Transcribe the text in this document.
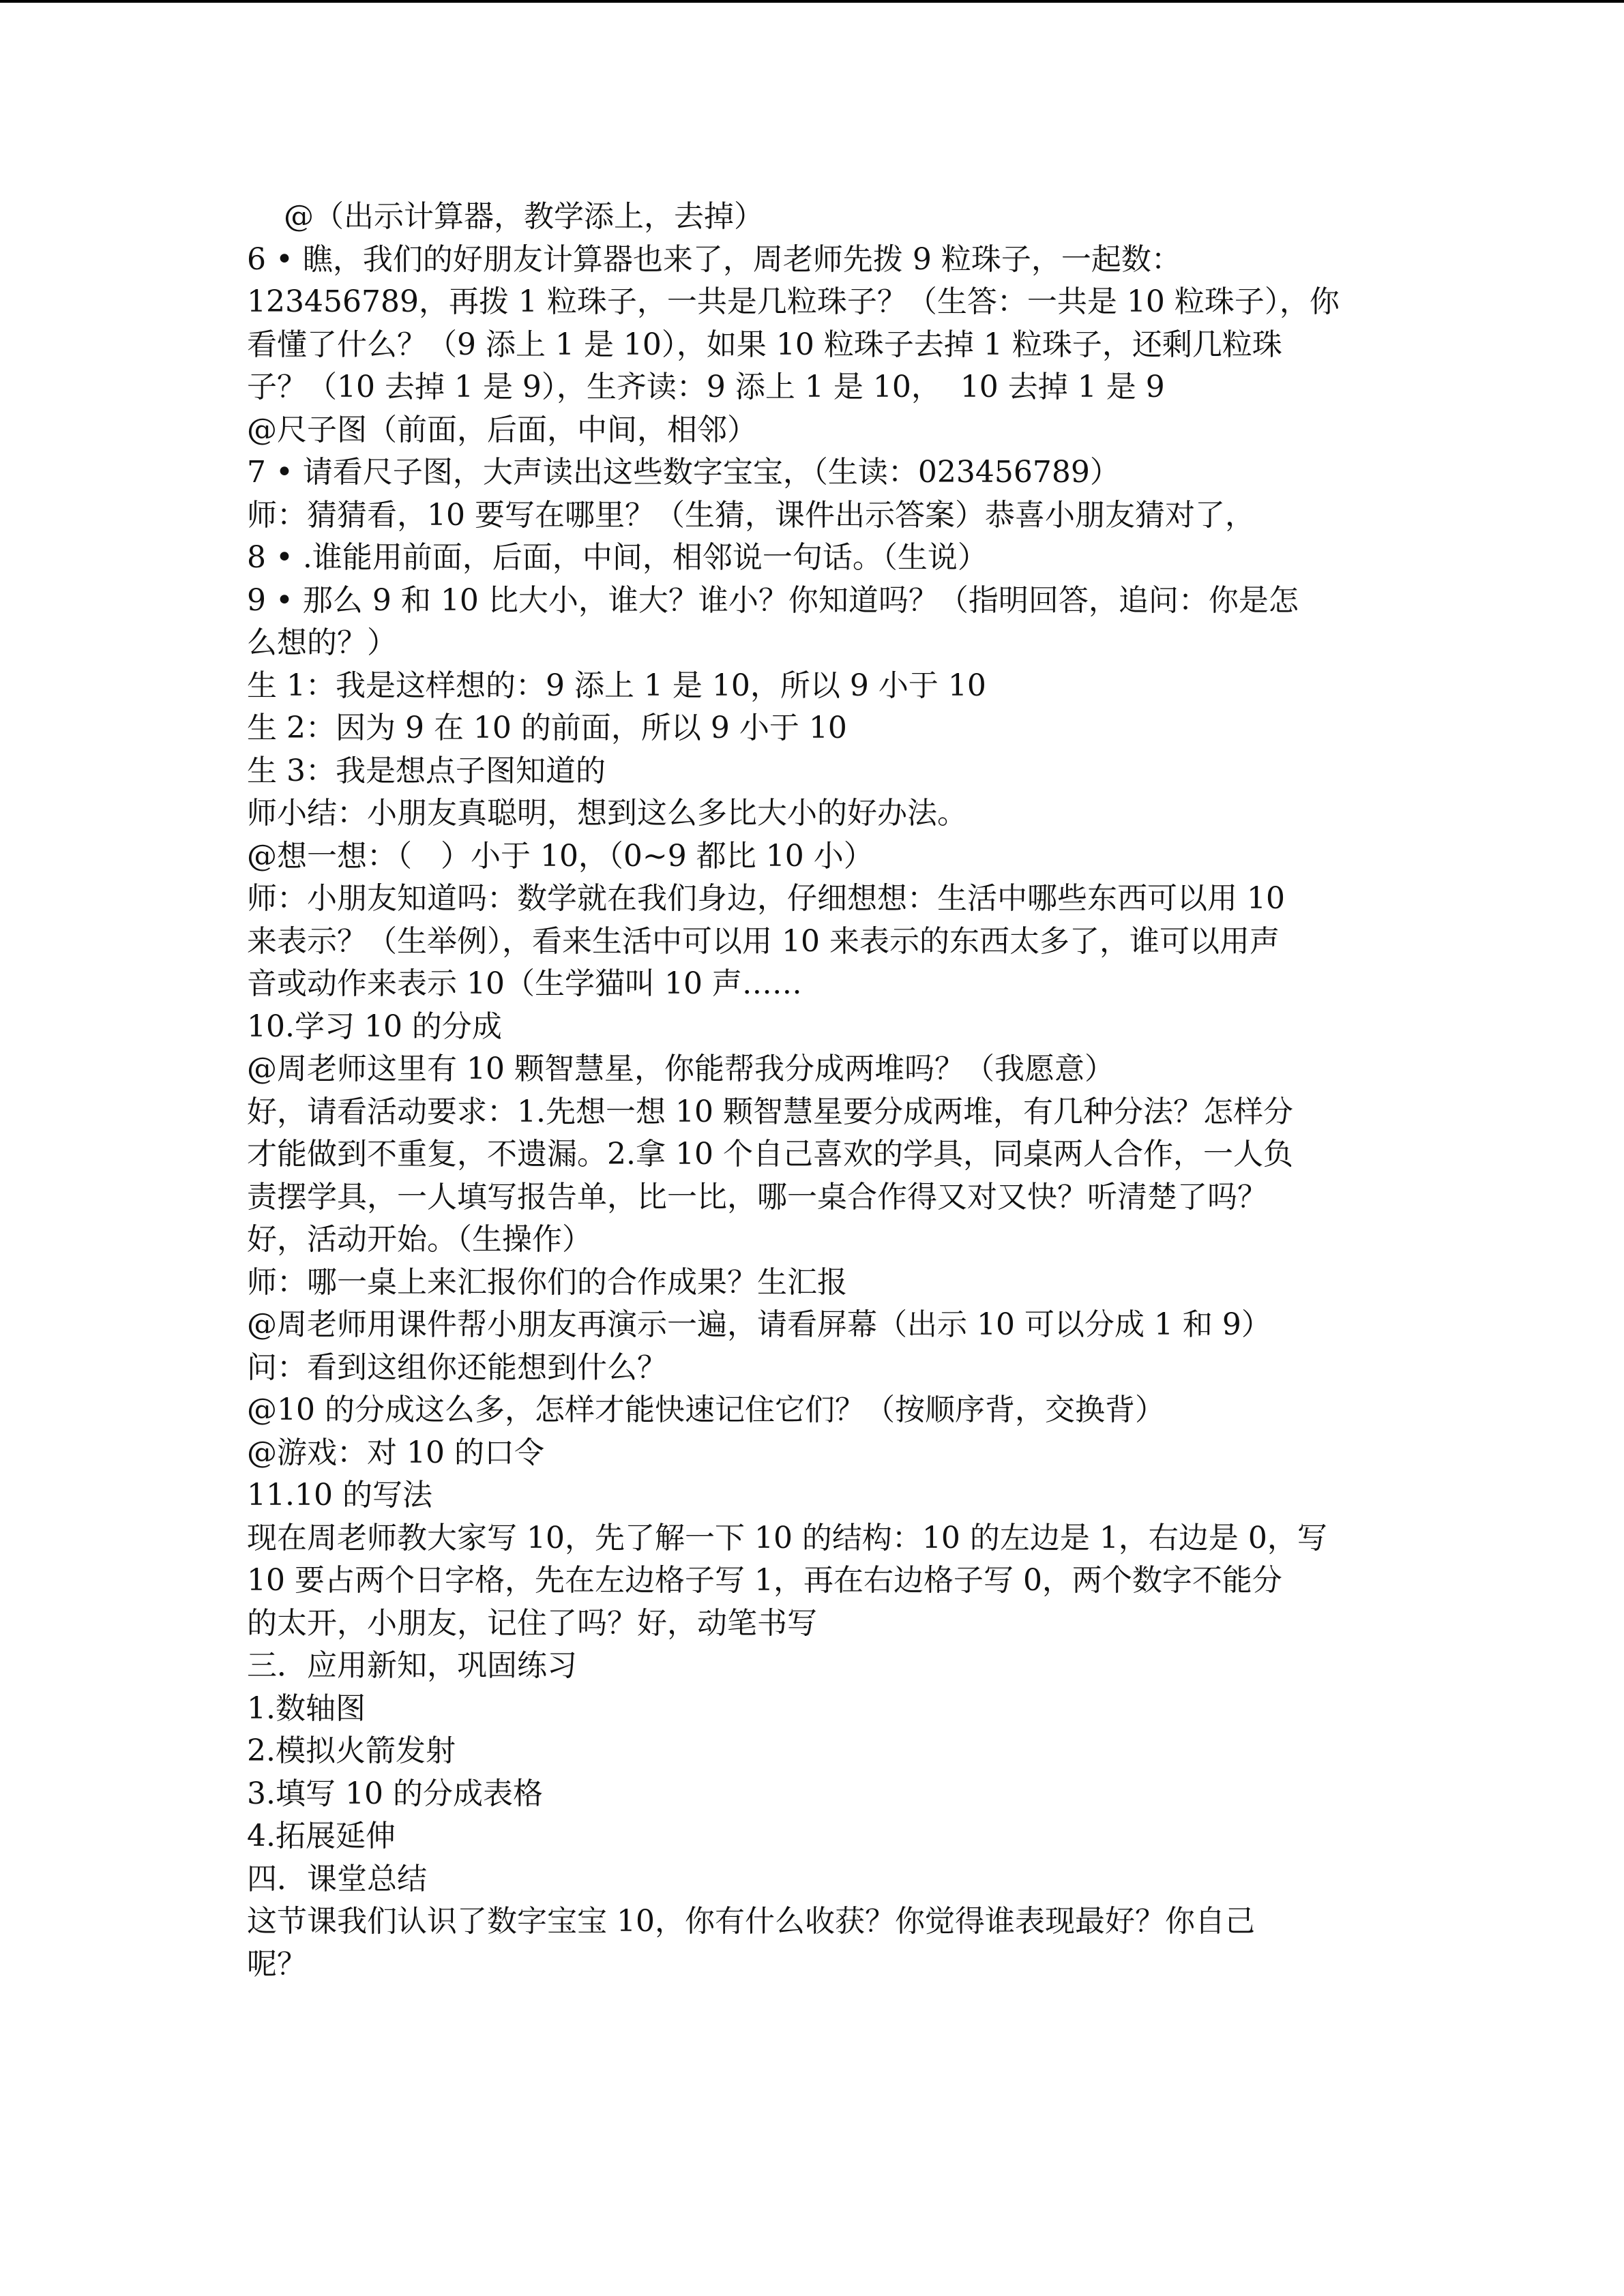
@（出示计算器，教学添上，去掉）
6 • 瞧，我们的好朋友计算器也来了，周老师先拨 9 粒珠子，一起数：
123456789，再拨 1 粒珠子，一共是几粒珠子？（生答：一共是 10 粒珠子），你
看懂了什么？（9 添上 1 是 10），如果 10 粒珠子去掉 1 粒珠子，还剩几粒珠
子？（10 去掉 1 是 9），生齐读：9 添上 1 是 10，  10 去掉 1 是 9
@尺子图（前面，后面，中间，相邻）
7 • 请看尺子图，大声读出这些数字宝宝，（生读：023456789）
师：猜猜看，10 要写在哪里？（生猜，课件出示答案）恭喜小朋友猜对了，
8 • .谁能用前面，后面，中间，相邻说一句话。（生说）
9 • 那么 9 和 10 比大小，谁大？谁小？你知道吗？（指明回答，追问：你是怎
么想的？）
生 1：我是这样想的：9 添上 1 是 10，所以 9 小于 10
生 2：因为 9 在 10 的前面，所以 9 小于 10
生 3：我是想点子图知道的
师小结：小朋友真聪明，想到这么多比大小的好办法。
@想一想：（   ）小于 10，（0~9 都比 10 小）
师：小朋友知道吗：数学就在我们身边，仔细想想：生活中哪些东西可以用 10
来表示？（生举例），看来生活中可以用 10 来表示的东西太多了，谁可以用声
音或动作来表示 10（生学猫叫 10 声……
10.学习 10 的分成
@周老师这里有 10 颗智慧星，你能帮我分成两堆吗？（我愿意）
好，请看活动要求：1.先想一想 10 颗智慧星要分成两堆，有几种分法？怎样分
才能做到不重复，不遗漏。2.拿 10 个自己喜欢的学具，同桌两人合作，一人负
责摆学具，一人填写报告单，比一比，哪一桌合作得又对又快？听清楚了吗？
好，活动开始。（生操作）
师：哪一桌上来汇报你们的合作成果？生汇报
@周老师用课件帮小朋友再演示一遍，请看屏幕（出示 10 可以分成 1 和 9）
问：看到这组你还能想到什么？
@10 的分成这么多，怎样才能快速记住它们？（按顺序背，交换背）
@游戏：对 10 的口令
11.10 的写法
现在周老师教大家写 10，先了解一下 10 的结构：10 的左边是 1，右边是 0，写
10 要占两个日字格，先在左边格子写 1，再在右边格子写 0，两个数字不能分
的太开，小朋友，记住了吗？好，动笔书写
三．应用新知，巩固练习
1.数轴图
2.模拟火箭发射
3.填写 10 的分成表格
4.拓展延伸
四．课堂总结
这节课我们认识了数字宝宝 10，你有什么收获？你觉得谁表现最好？你自己
呢？
